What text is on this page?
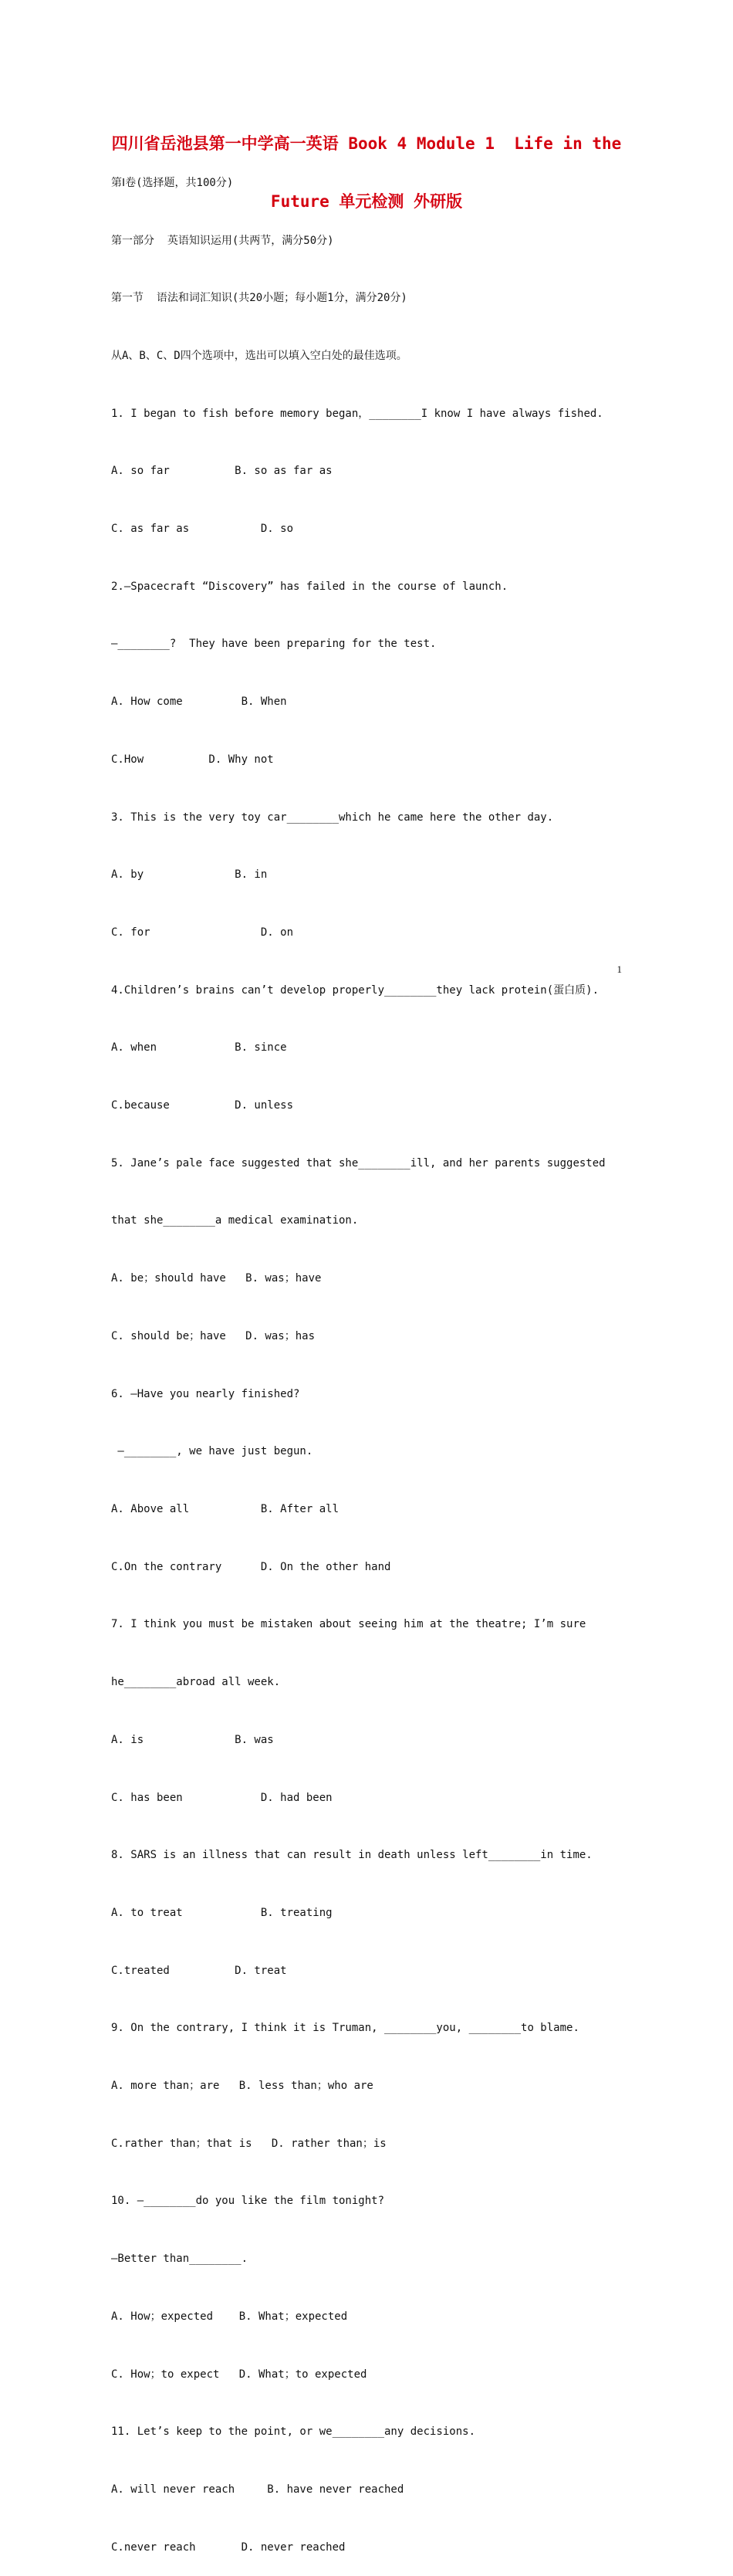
四川省岳池县第一中学高一英语 Book 4 Module 1  Life in the

Future 单元检测 外研版

第Ⅰ卷(选择题，共100分)

第一部分  英语知识运用(共两节，满分50分)

第一节  语法和词汇知识(共20小题；每小题1分，满分20分)

从A、B、C、D四个选项中，选出可以填入空白处的最佳选项。

1. I began to fish before memory began，________I know I have always fished.

A. so far          B. so as far as

C. as far as           D. so

2.—Spacecraft “Discovery” has failed in the course of launch.

—________?  They have been preparing for the test.

A. How come         B. When

C.How          D. Why not

3. This is the very toy car________which he came here the other day.

A. by              B. in

C. for                 D. on

4.Children’s brains can’t develop properly________they lack protein(蛋白质).

A. when            B. since

C.because          D. unless

5. Jane’s pale face suggested that she________ill, and her parents suggested

that she________a medical examination.

A. be；should have   B. was；have

C. should be；have   D. was；has

6. —Have you nearly finished?

—________, we have just begun.

A. Above all           B. After all

C.On the contrary      D. On the other hand

7. I think you must be mistaken about seeing him at the theatre; I’m sure

he________abroad all week.

A. is              B. was

C. has been            D. had been

8. SARS is an illness that can result in death unless left________in time.

A. to treat            B. treating

C.treated          D. treat

9. On the contrary, I think it is Truman, ________you, ________to blame.

A. more than；are   B. less than；who are

C.rather than；that is   D. rather than；is

10. —________do you like the film tonight?

—Better than________.

A. How；expected    B. What；expected

C. How；to expect   D. What；to expected

11. Let’s keep to the point, or we________any decisions.

A. will never reach     B. have never reached

C.never reach       D. never reached

1
